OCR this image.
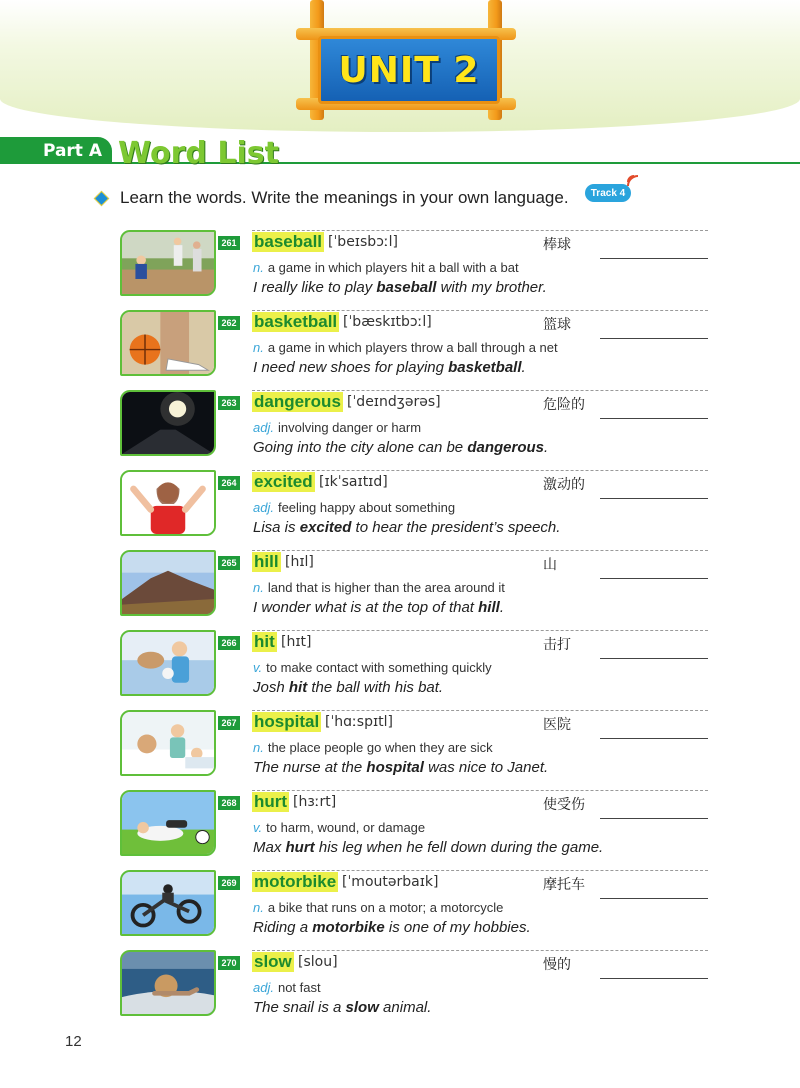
UNIT 2
Part A Word List
Learn the words. Write the meanings in your own language.	Track 4
261 baseball [ˈbeɪsbɔːl]	棒球
n. a game in which players hit a ball with a bat
I really like to play baseball with my brother.
262 basketball [ˈbæskɪtbɔːl]	篮球
n. a game in which players throw a ball through a net
I need new shoes for playing basketball.
263 dangerous [ˈdeɪndʒərəs]	危险的
adj. involving danger or harm
Going into the city alone can be dangerous.
264 excited [ɪkˈsaɪtɪd]	激动的
adj. feeling happy about something
Lisa is excited to hear the president’s speech.
265 hill [hɪl]	山
n. land that is higher than the area around it
I wonder what is at the top of that hill.
266 hit [hɪt]	击打
v. to make contact with something quickly
Josh hit the ball with his bat.
267 hospital [ˈhɑːspɪtl]	医院
n. the place people go when they are sick
The nurse at the hospital was nice to Janet.
268 hurt [hɜːrt]	使受伤
v. to harm, wound, or damage
Max hurt his leg when he fell down during the game.
269 motorbike [ˈmoutərbaɪk]	摩托车
n. a bike that runs on a motor; a motorcycle
Riding a motorbike is one of my hobbies.
270 slow [slou]	慢的
adj. not fast
The snail is a slow animal.
12
